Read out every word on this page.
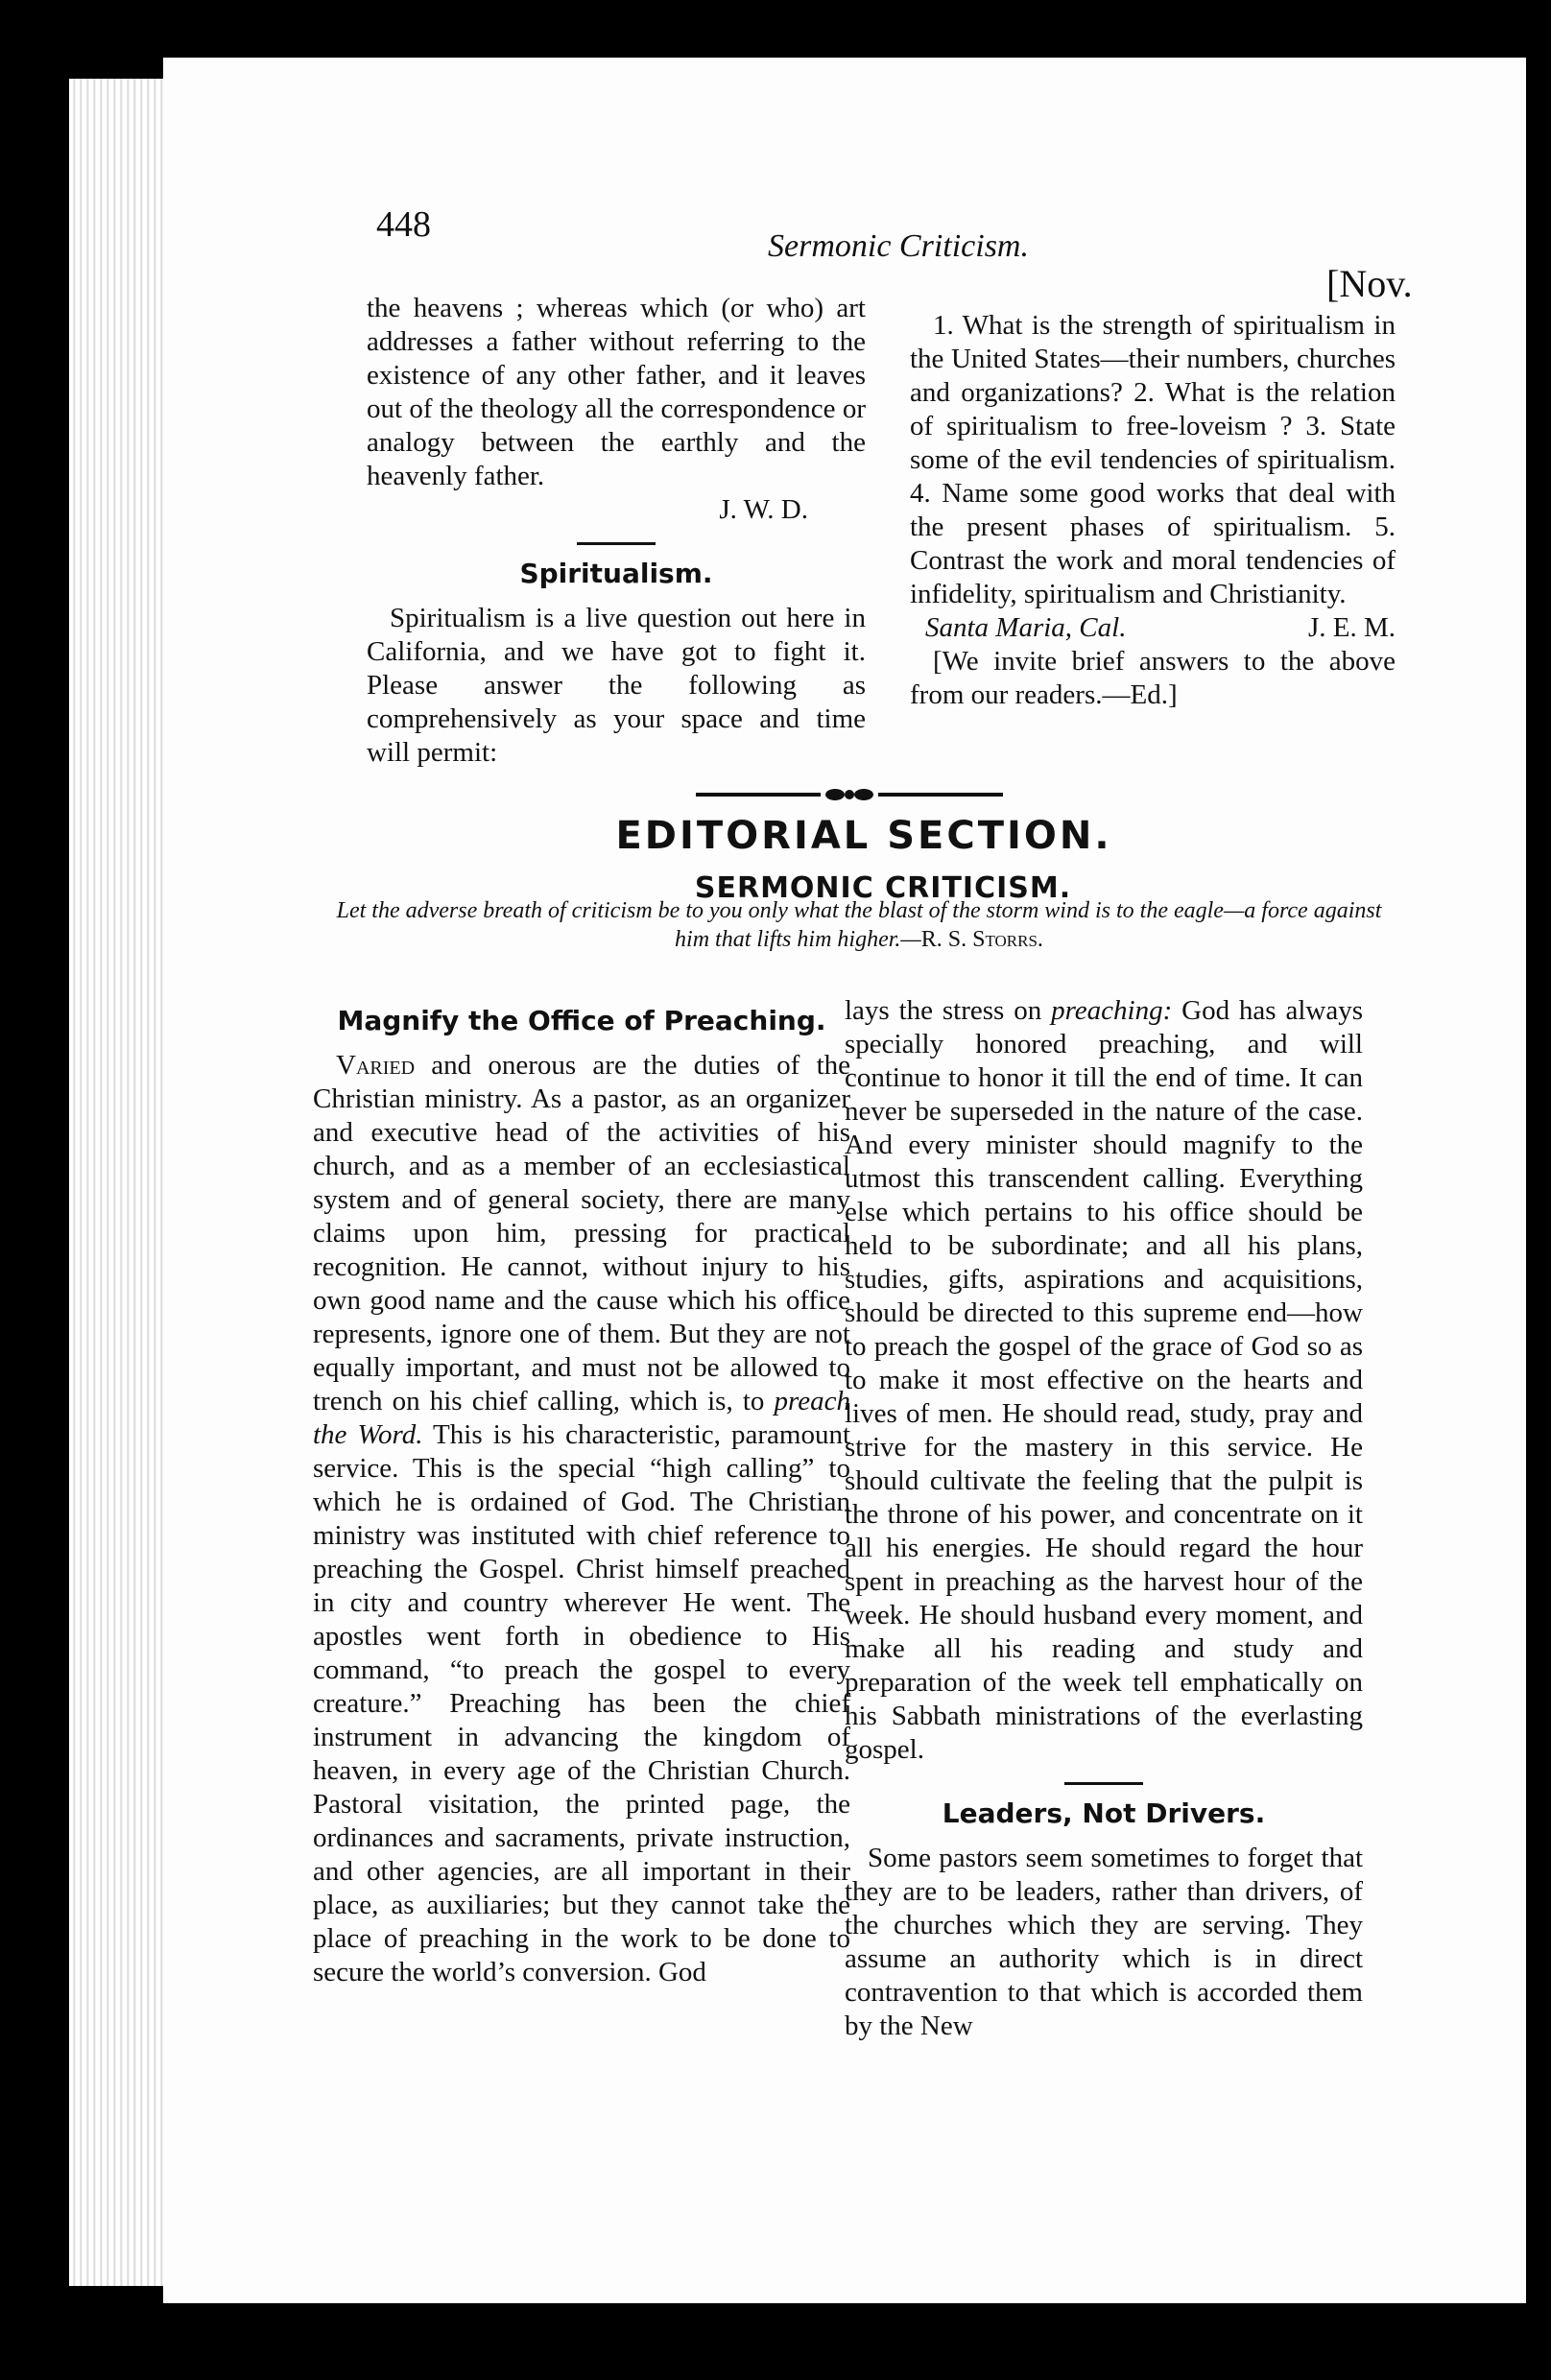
448
Sermonic Criticism.
[Nov.

the heavens ; whereas which (or who) art addresses a father without referring to the existence of any other father, and it leaves out of the theology all the correspondence or analogy between the earthly and the heavenly father.

J. W. D.
Spiritualism.

Spiritualism is a live question out here in California, and we have got to fight it. Please answer the following as comprehensively as your space and time will permit:

1. What is the strength of spiritualism in the United States—their numbers, churches and organizations? 2. What is the relation of spiritualism to free-loveism ? 3. State some of the evil tendencies of spiritualism. 4. Name some good works that deal with the present phases of spiritualism. 5. Contrast the work and moral tendencies of infidelity, spiritualism and Christianity.

Santa Maria, Cal.	J. E. M.

[We invite brief answers to the above from our readers.—Ed.]

EDITORIAL SECTION.
SERMONIC CRITICISM.
Let the adverse breath of criticism be to you only what the blast of the storm wind is to the eagle—a force against him that lifts him higher.—R. S. Storrs.
Magnify the Office of Preaching.

Varied and onerous are the duties of the Christian ministry. As a pastor, as an organizer and executive head of the activities of his church, and as a member of an ecclesiastical system and of general society, there are many claims upon him, pressing for practical recognition. He cannot, without injury to his own good name and the cause which his office represents, ignore one of them. But they are not equally important, and must not be allowed to trench on his chief calling, which is, to preach the Word. This is his characteristic, paramount service. This is the special “high calling” to which he is ordained of God. The Christian ministry was instituted with chief reference to preaching the Gospel. Christ himself preached in city and country wherever He went. The apostles went forth in obedience to His command, “to preach the gospel to every creature.” Preaching has been the chief instrument in advancing the kingdom of heaven, in every age of the Christian Church. Pastoral visitation, the printed page, the ordinances and sacraments, private instruction, and other agencies, are all important in their place, as auxiliaries; but they cannot take the place of preaching in the work to be done to secure the world’s conversion. God

lays the stress on preaching: God has always specially honored preaching, and will continue to honor it till the end of time. It can never be superseded in the nature of the case. And every minister should magnify to the utmost this transcendent calling. Everything else which pertains to his office should be held to be subordinate; and all his plans, studies, gifts, aspirations and acquisitions, should be directed to this supreme end—how to preach the gospel of the grace of God so as to make it most effective on the hearts and lives of men. He should read, study, pray and strive for the mastery in this service. He should cultivate the feeling that the pulpit is the throne of his power, and concentrate on it all his energies. He should regard the hour spent in preaching as the harvest hour of the week. He should husband every moment, and make all his reading and study and preparation of the week tell emphatically on his Sabbath ministrations of the everlasting gospel.

Leaders, Not Drivers.

Some pastors seem sometimes to forget that they are to be leaders, rather than drivers, of the churches which they are serving. They assume an authority which is in direct contravention to that which is accorded them by the New
